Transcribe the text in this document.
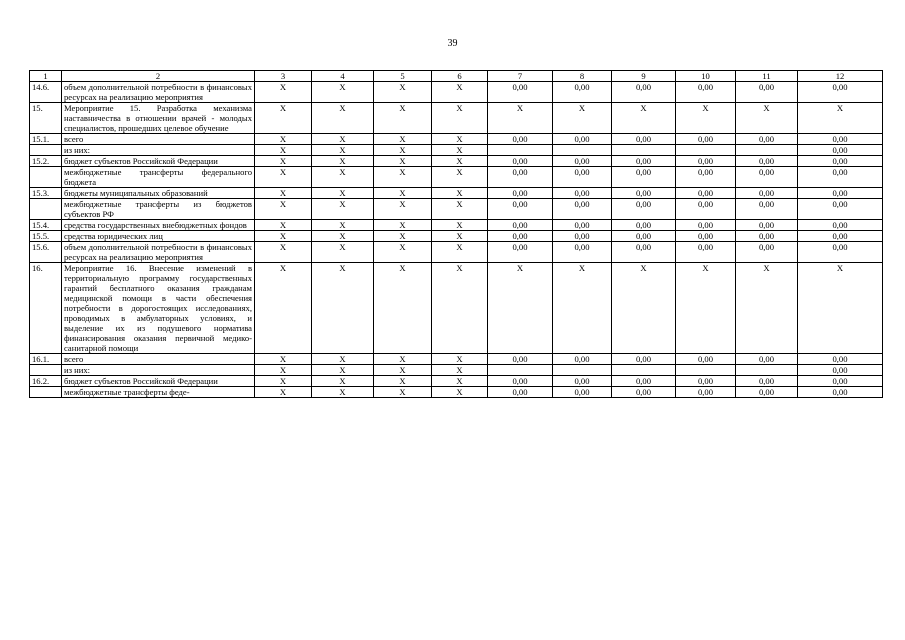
39
1	2	3	4	5	6	7	8	9	10	11	12
14.6.	объем дополнительной потребности в финансовых ресурсах на реализацию мероприятия	X	X	X	X	0,00	0,00	0,00	0,00	0,00	0,00
15.	Мероприятие 15. Разработка механизма наставничества в отношении врачей - молодых специалистов, прошедших целевое обучение	X	X	X	X	X	X	X	X	X	X
15.1.	всего	X	X	X	X	0,00	0,00	0,00	0,00	0,00	0,00
	из них:	X	X	X	X						0,00
15.2.	бюджет субъектов Российской Федерации	X	X	X	X	0,00	0,00	0,00	0,00	0,00	0,00
	межбюджетные трансферты федерального бюджета	X	X	X	X	0,00	0,00	0,00	0,00	0,00	0,00
15.3.	бюджеты муниципальных образований	X	X	X	X	0,00	0,00	0,00	0,00	0,00	0,00
	межбюджетные трансферты из бюджетов субъектов РФ	X	X	X	X	0,00	0,00	0,00	0,00	0,00	0,00
15.4.	средства государственных внебюджетных фондов	X	X	X	X	0,00	0,00	0,00	0,00	0,00	0,00
15.5.	средства юридических лиц	X	X	X	X	0,00	0,00	0,00	0,00	0,00	0,00
15.6.	объем дополнительной потребности в финансовых ресурсах на реализацию мероприятия	X	X	X	X	0,00	0,00	0,00	0,00	0,00	0,00
16.	Мероприятие 16. Внесение изменений в территориальную программу государственных гарантий бесплатного оказания гражданам медицинской помощи в части обеспечения потребности в дорогостоящих исследованиях, проводимых в амбулаторных условиях, и выделение их из подушевого норматива финансирования оказания первичной медико-санитарной помощи	X	X	X	X	X	X	X	X	X	X
16.1.	всего	X	X	X	X	0,00	0,00	0,00	0,00	0,00	0,00
	из них:	X	X	X	X						0,00
16.2.	бюджет субъектов Российской Федерации	X	X	X	X	0,00	0,00	0,00	0,00	0,00	0,00
	межбюджетные трансферты феде-	X	X	X	X	0,00	0,00	0,00	0,00	0,00	0,00
